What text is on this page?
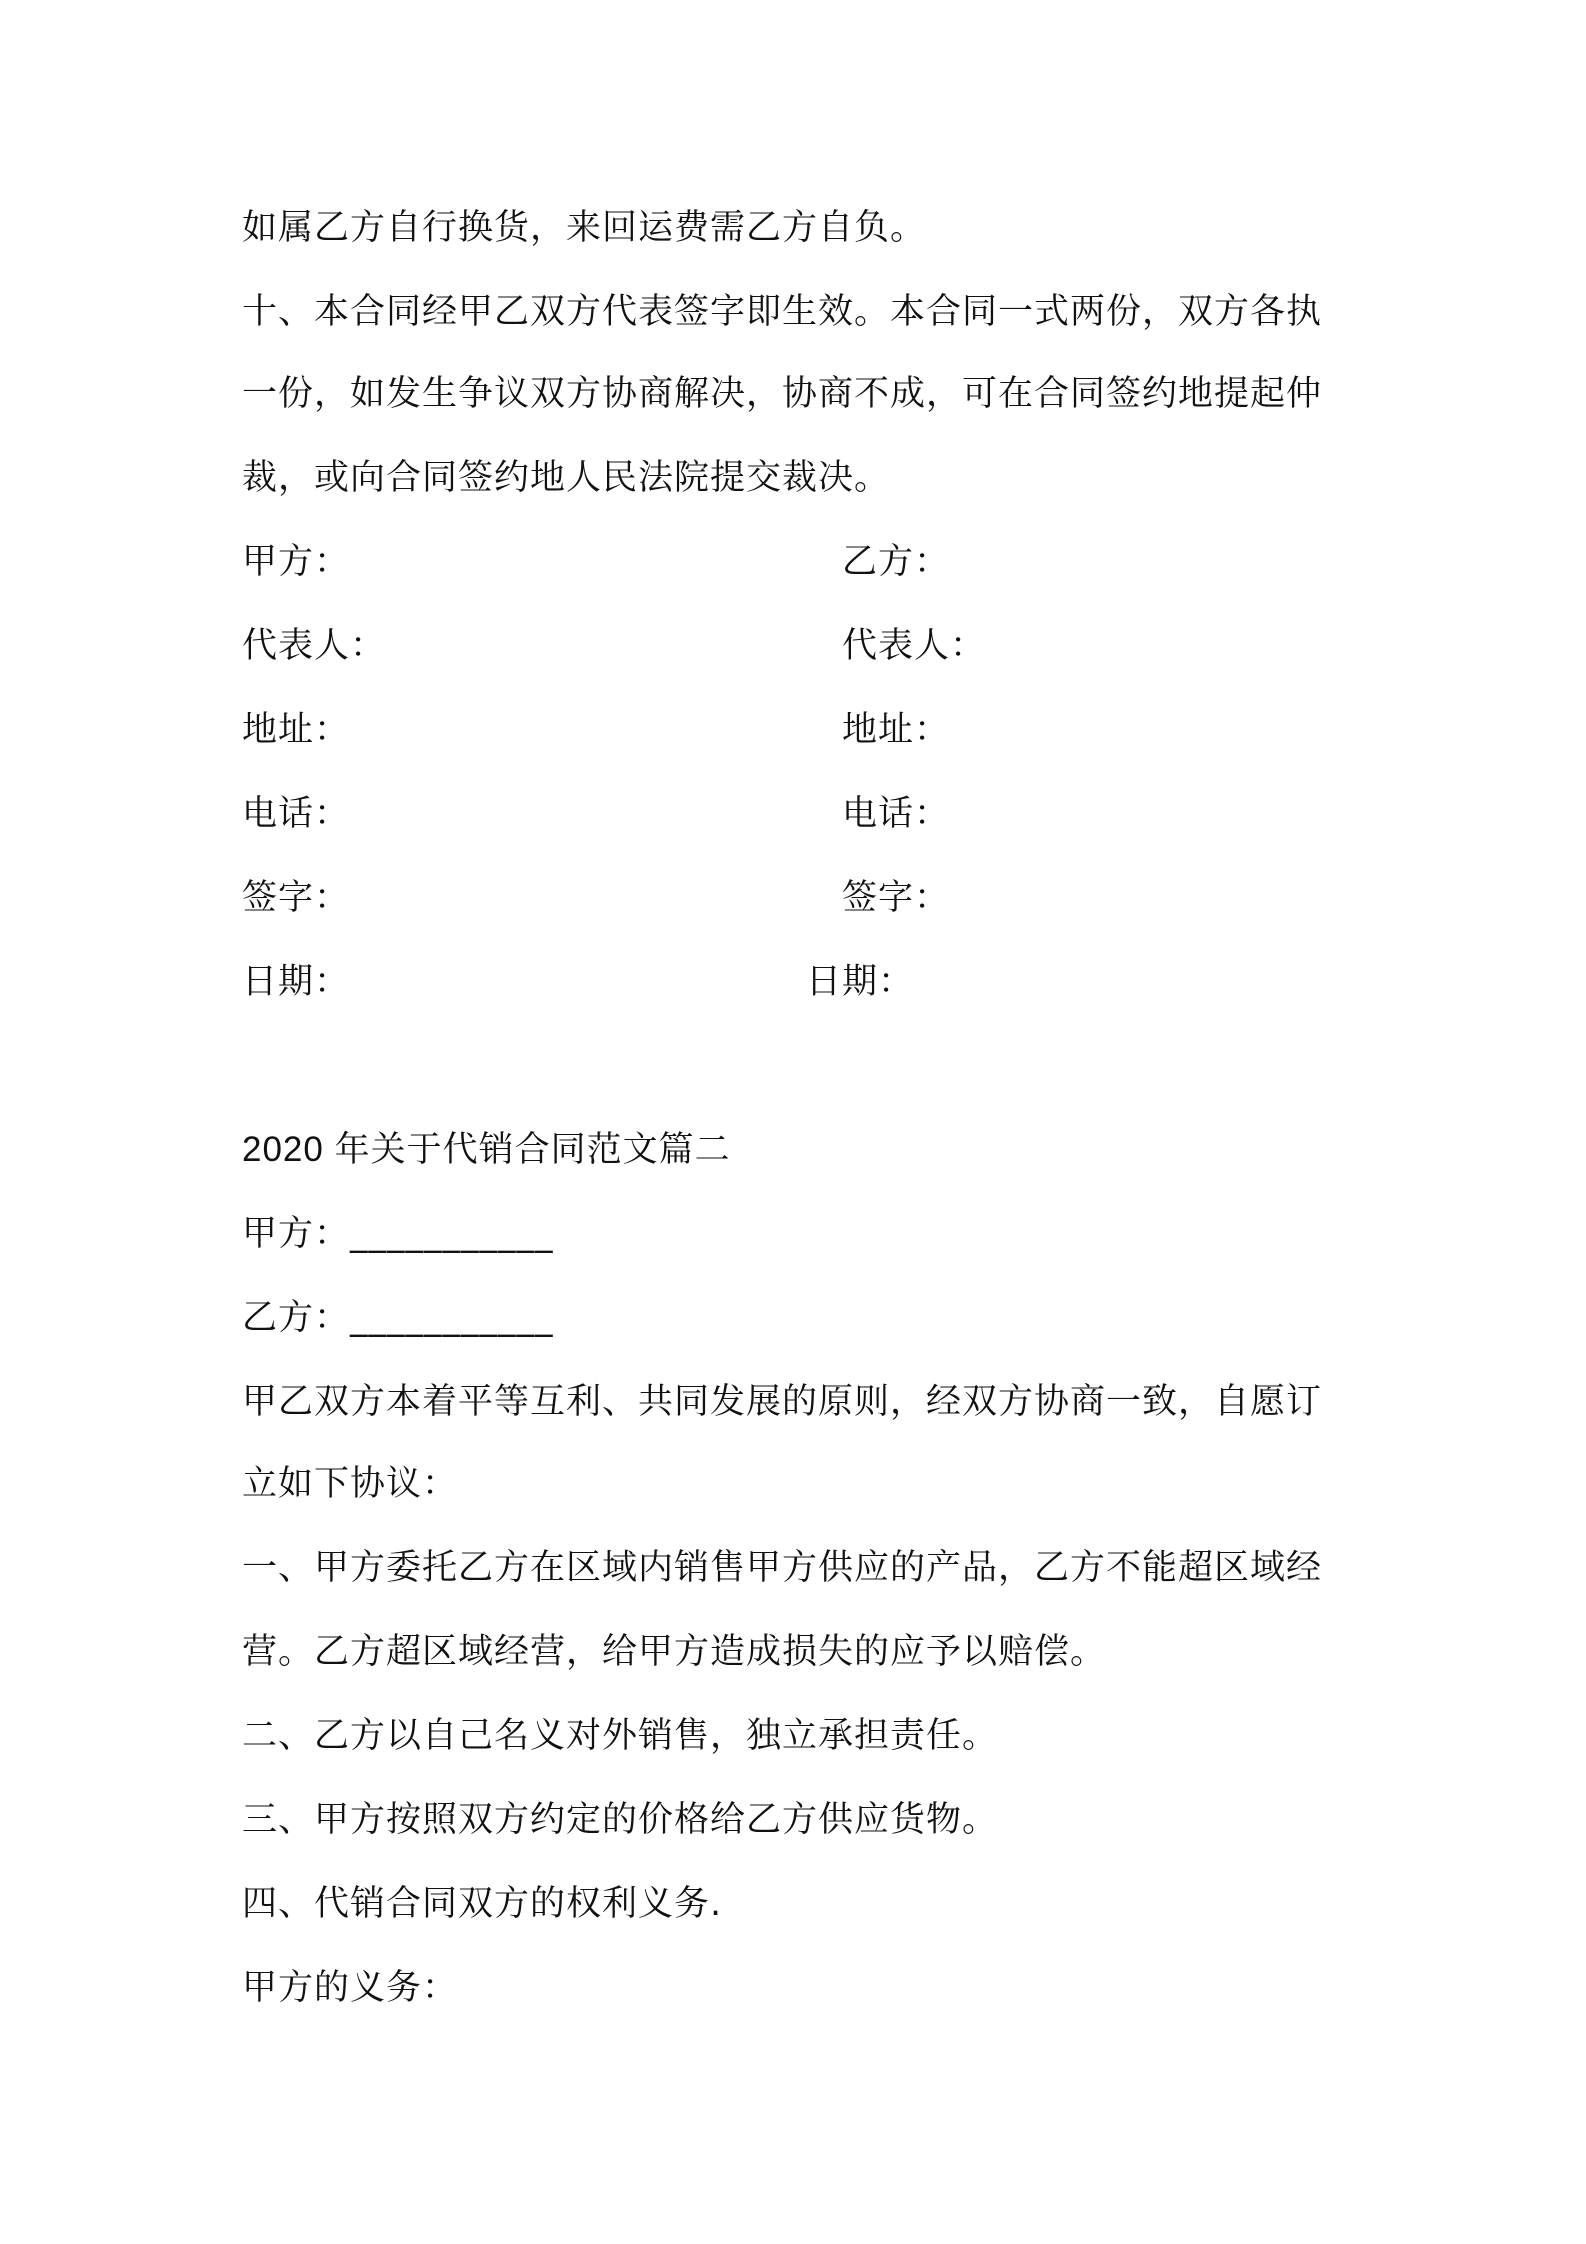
如属乙方自行换货，来回运费需乙方自负。
十、本合同经甲乙双方代表签字即生效。本合同一式两份，双方各执
一份，如发生争议双方协商解决，协商不成，可在合同签约地提起仲
裁，或向合同签约地人民法院提交裁决。
甲方：
代表人：
地址：
电话：
签字：
日期：
乙方：
代表人：
地址：
电话：
签字：
日期：
2020 年关于代销合同范文篇二
甲方：___________
乙方：___________
甲乙双方本着平等互利、共同发展的原则，经双方协商一致，自愿订
立如下协议：
一、甲方委托乙方在区域内销售甲方供应的产品，乙方不能超区域经
营。乙方超区域经营，给甲方造成损失的应予以赔偿。
二、乙方以自己名义对外销售，独立承担责任。
三、甲方按照双方约定的价格给乙方供应货物。
四、代销合同双方的权利义务.
甲方的义务：
